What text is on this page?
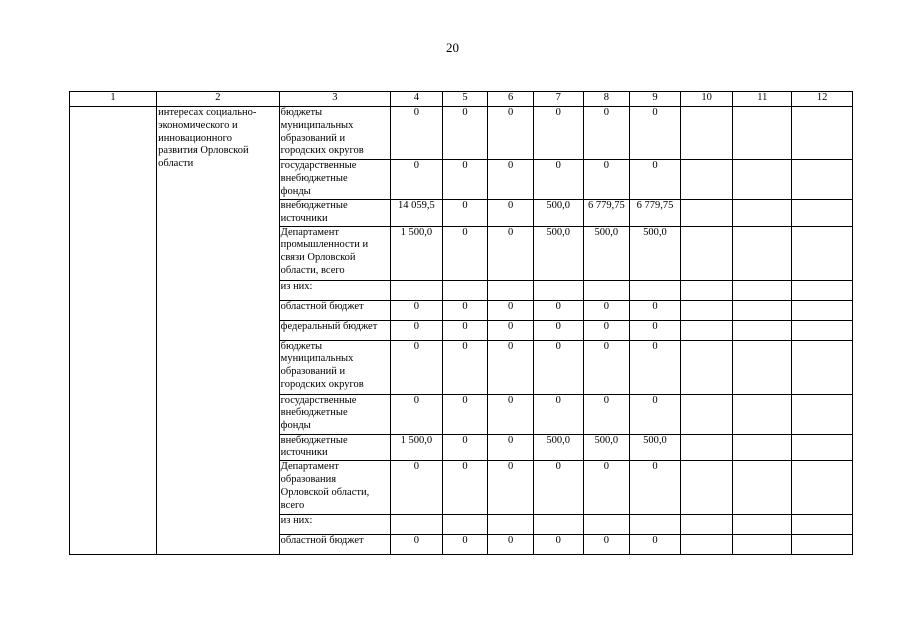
20
1	2	3	4	5	6	7	8	9	10	11	12
	интересах социально-
экономического и
инновационного
развития Орловской
области	бюджеты
муниципальных
образований и
городских округов	0	0	0	0	0	0			
		государственные
внебюджетные
фонды	0	0	0	0	0	0			
		внебюджетные
источники	14 059,5	0	0	500,0	6 779,75	6 779,75			
		Департамент
промышленности и
связи Орловской
области, всего	1 500,0	0	0	500,0	500,0	500,0			
		из них:									
		областной бюджет	0	0	0	0	0	0			
		федеральный бюджет	0	0	0	0	0	0			
		бюджеты
муниципальных
образований и
городских округов	0	0	0	0	0	0			
		государственные
внебюджетные
фонды	0	0	0	0	0	0			
		внебюджетные
источники	1 500,0	0	0	500,0	500,0	500,0			
		Департамент
образования
Орловской области,
всего	0	0	0	0	0	0			
		из них:									
		областной бюджет	0	0	0	0	0	0			
